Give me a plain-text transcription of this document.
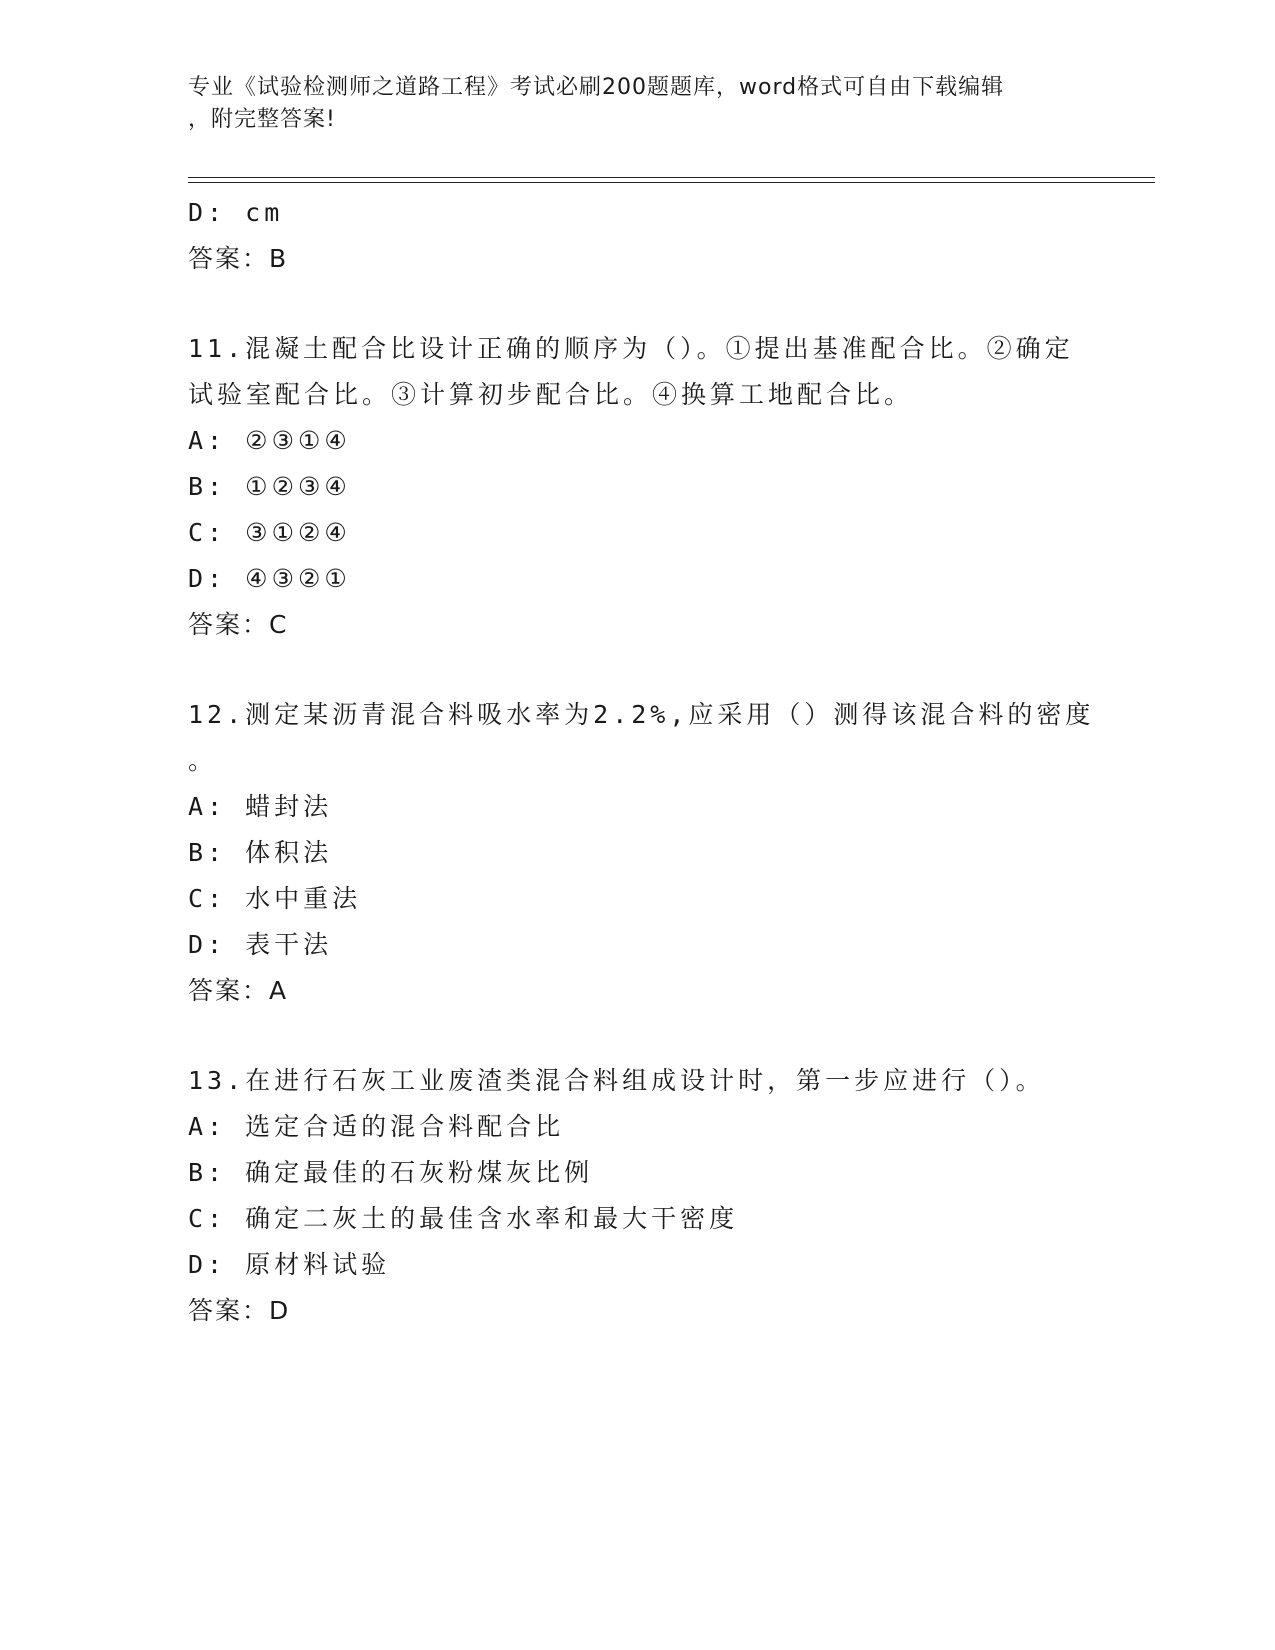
专业《试验检测师之道路工程》考试必刷200题题库，word格式可自由下载编辑
，附完整答案!
D: cm
答案：B
11.混凝土配合比设计正确的顺序为（）。①提出基准配合比。②确定
试验室配合比。③计算初步配合比。④换算工地配合比。
A: ②③①④
B: ①②③④
C: ③①②④
D: ④③②①
答案：C
12.测定某沥青混合料吸水率为2.2%,应采用（）测得该混合料的密度
。
A: 蜡封法
B: 体积法
C: 水中重法
D: 表干法
答案：A
13.在进行石灰工业废渣类混合料组成设计时，第一步应进行（）。
A: 选定合适的混合料配合比
B: 确定最佳的石灰粉煤灰比例
C: 确定二灰土的最佳含水率和最大干密度
D: 原材料试验
答案：D
